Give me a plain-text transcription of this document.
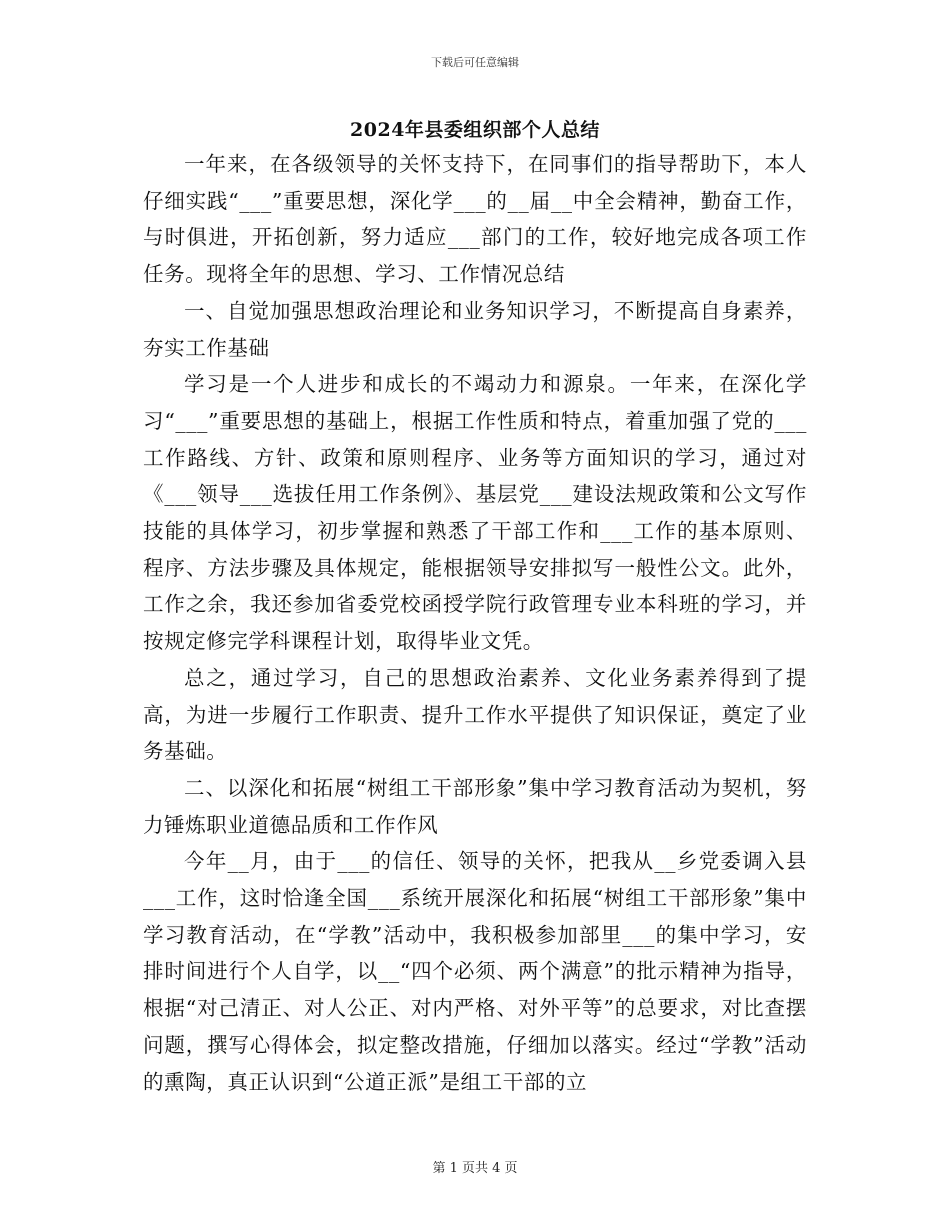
下载后可任意编辑
2024年县委组织部个人总结

一年来，在各级领导的关怀支持下，在同事们的指导帮助下，本人仔细实践“___”重要思想，深化学___的__届__中全会精神，勤奋工作，与时俱进，开拓创新，努力适应___部门的工作，较好地完成各项工作任务。现将全年的思想、学习、工作情况总结

一、自觉加强思想政治理论和业务知识学习，不断提高自身素养，夯实工作基础

学习是一个人进步和成长的不竭动力和源泉。一年来，在深化学习“___”重要思想的基础上，根据工作性质和特点，着重加强了党的___工作路线、方针、政策和原则程序、业务等方面知识的学习，通过对《___领导___选拔任用工作条例》、基层党___建设法规政策和公文写作技能的具体学习，初步掌握和熟悉了干部工作和___工作的基本原则、程序、方法步骤及具体规定，能根据领导安排拟写一般性公文。此外，工作之余，我还参加省委党校函授学院行政管理专业本科班的学习，并按规定修完学科课程计划，取得毕业文凭。

总之，通过学习，自己的思想政治素养、文化业务素养得到了提高，为进一步履行工作职责、提升工作水平提供了知识保证，奠定了业务基础。

二、以深化和拓展“树组工干部形象”集中学习教育活动为契机，努力锤炼职业道德品质和工作作风

今年__月，由于___的信任、领导的关怀，把我从__乡党委调入县___工作，这时恰逢全国___系统开展深化和拓展“树组工干部形象”集中学习教育活动，在“学教”活动中，我积极参加部里___的集中学习，安排时间进行个人自学，以__“四个必须、两个满意”的批示精神为指导，根据“对己清正、对人公正、对内严格、对外平等”的总要求，对比查摆问题，撰写心得体会，拟定整改措施，仔细加以落实。经过“学教”活动的熏陶，真正认识到“公道正派”是组工干部的立

第 1 页共 4 页
